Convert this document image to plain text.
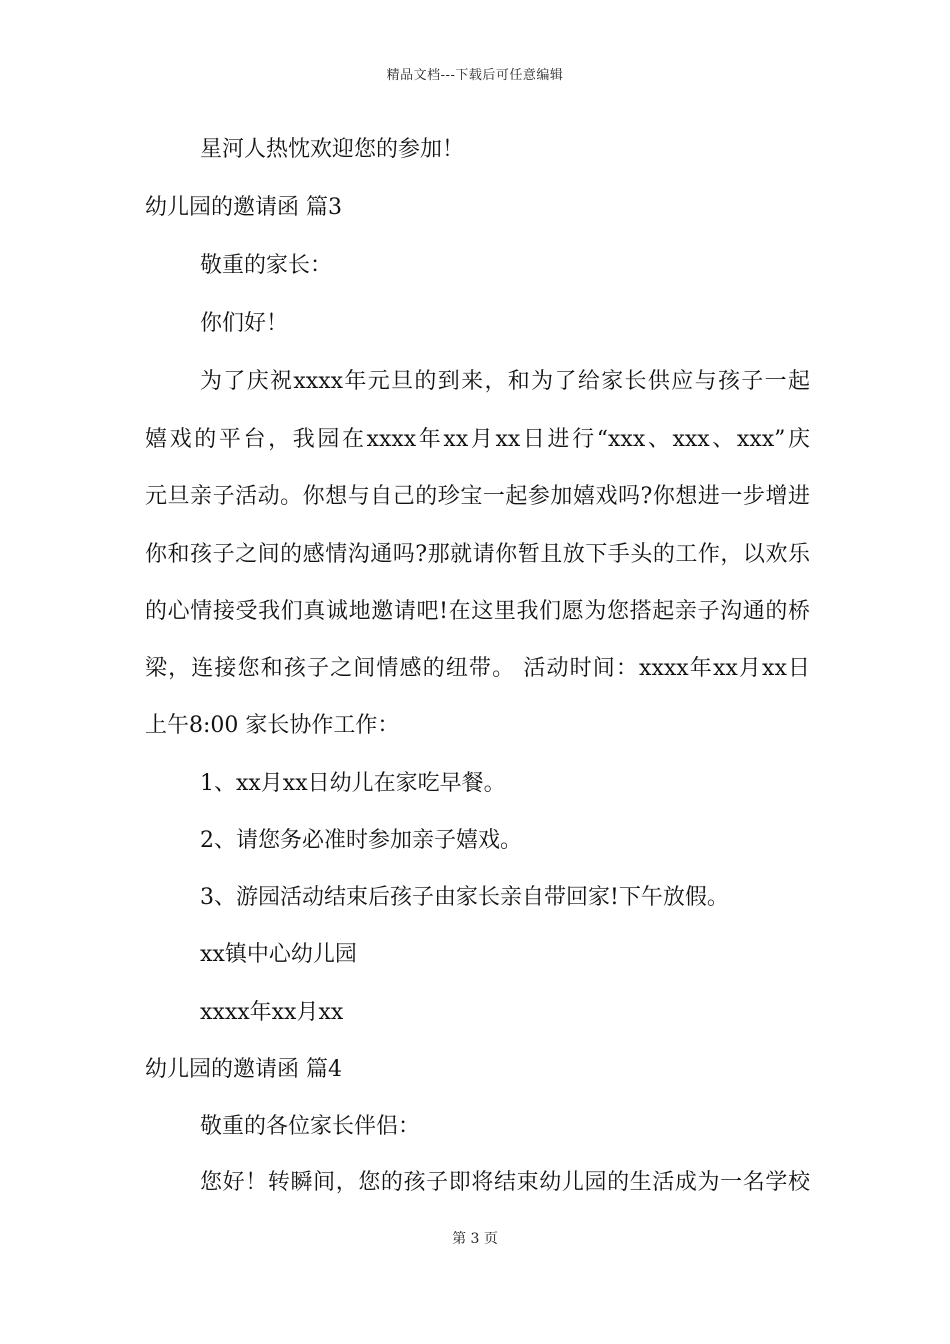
精品文档---下载后可任意编辑
星河人热忱欢迎您的参加！
幼儿园的邀请函 篇3
敬重的家长：
你们好！
为了庆祝xxxx年元旦的到来，和为了给家长供应与孩子一起
嬉戏的平台，我园在xxxx年xx月xx日进行“xxx、xxx、xxx”庆
元旦亲子活动。你想与自己的珍宝一起参加嬉戏吗?你想进一步增进
你和孩子之间的感情沟通吗?那就请你暂且放下手头的工作，以欢乐
的心情接受我们真诚地邀请吧!在这里我们愿为您搭起亲子沟通的桥
梁，连接您和孩子之间情感的纽带。 活动时间：xxxx年xx月xx日
上午8:00 家长协作工作：
1、xx月xx日幼儿在家吃早餐。
2、请您务必准时参加亲子嬉戏。
3、游园活动结束后孩子由家长亲自带回家!下午放假。
xx镇中心幼儿园
xxxx年xx月xx
幼儿园的邀请函 篇4
敬重的各位家长伴侣：
您好！转瞬间，您的孩子即将结束幼儿园的生活成为一名学校
第 3 页
